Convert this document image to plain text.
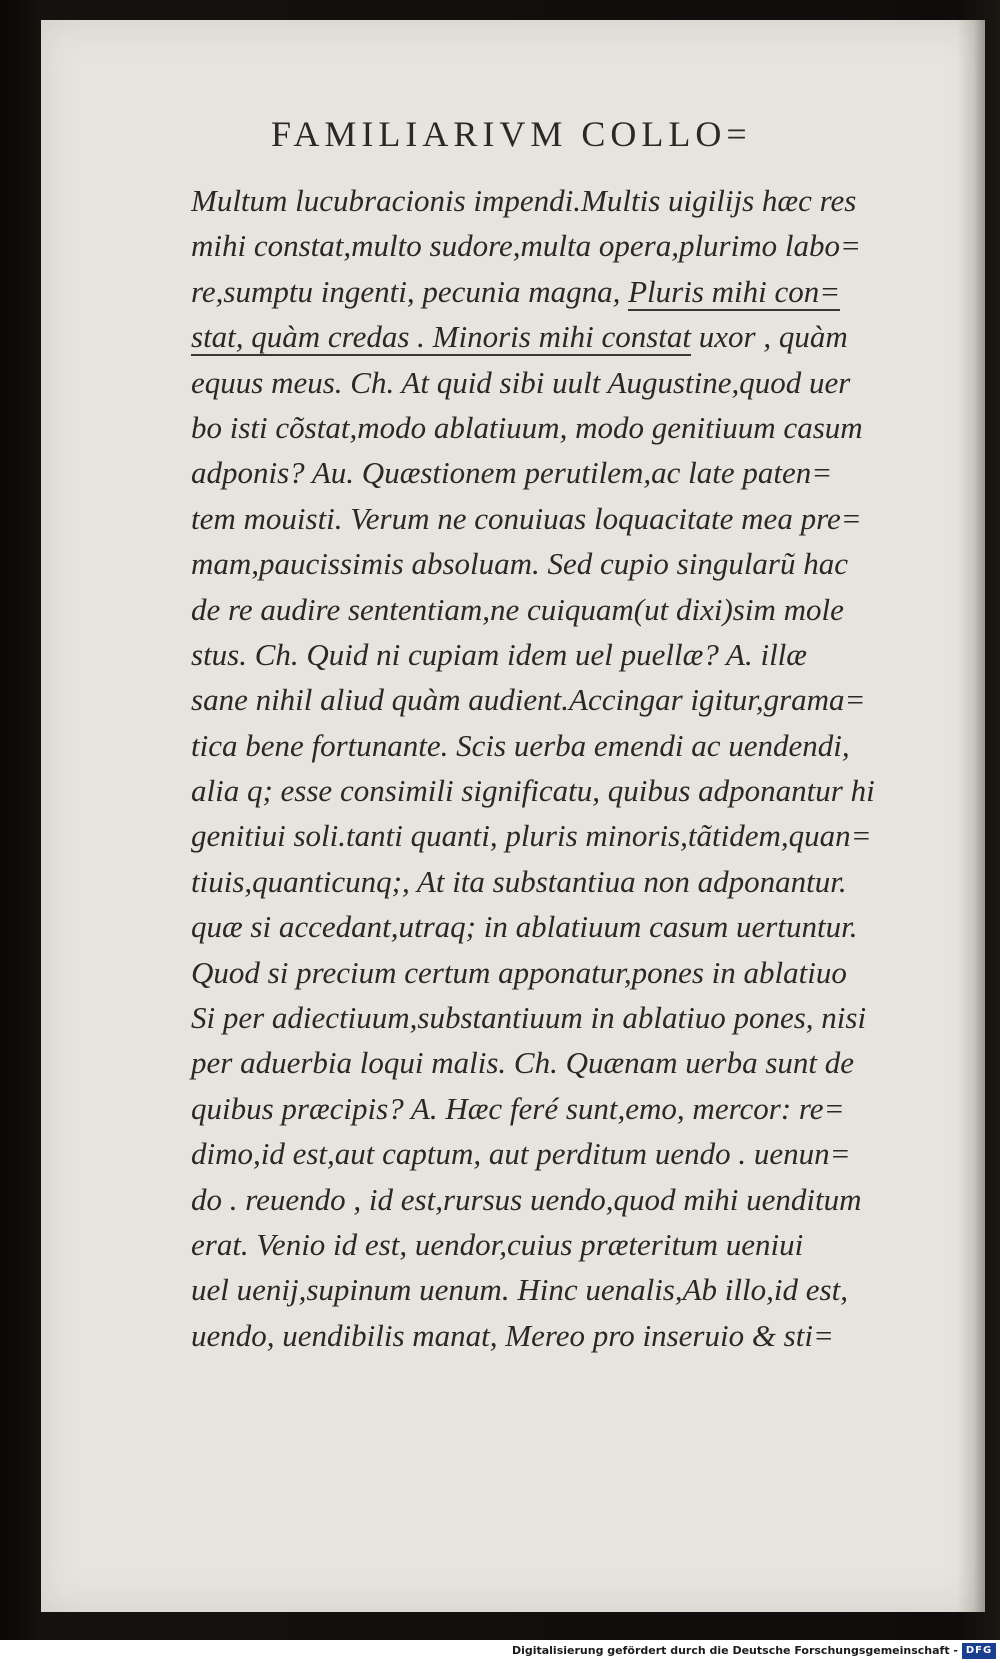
FAMILIARIVM COLLO=
Multum lucubracionis impendi.Multis uigilijs hæc res
mihi constat,multo sudore,multa opera,plurimo labo=
re,sumptu ingenti, pecunia magna, Pluris mihi con=
stat, quàm credas . Minoris mihi constat uxor , quàm
equus meus. Ch. At quid sibi uult Augustine,quod uer
bo isti cõstat,modo ablatiuum, modo genitiuum casum
adponis? Au. Quæstionem perutilem,ac late paten=
tem mouisti. Verum ne conuiuas loquacitate mea pre=
mam,paucissimis absoluam. Sed cupio singularũ hac
de re audire sententiam,ne cuiquam(ut dixi)sim mole
stus. Ch. Quid ni cupiam idem uel puellæ? A. illæ
sane nihil aliud quàm audient.Accingar igitur,grama=
tica bene fortunante. Scis uerba emendi ac uendendi,
alia q; esse consimili significatu, quibus adponantur hi
genitiui soli.tanti quanti, pluris minoris,tãtidem,quan=
tiuis,quanticunq;, At ita substantiua non adponantur.
quæ si accedant,utraq; in ablatiuum casum uertuntur.
Quod si precium certum apponatur,pones in ablatiuo
Si per adiectiuum,substantiuum in ablatiuo pones, nisi
per aduerbia loqui malis. Ch. Quænam uerba sunt de
quibus præcipis? A. Hæc feré sunt,emo, mercor: re=
dimo,id est,aut captum, aut perditum uendo . uenun=
do . reuendo , id est,rursus uendo,quod mihi uenditum
erat. Venio id est, uendor,cuius præteritum ueniui
uel uenij,supinum uenum. Hinc uenalis,Ab illo,id est,
uendo, uendibilis manat, Mereo pro inseruio & sti=
Digitalisierung gefördert durch die Deutsche Forschungsgemeinschaft - DFG
